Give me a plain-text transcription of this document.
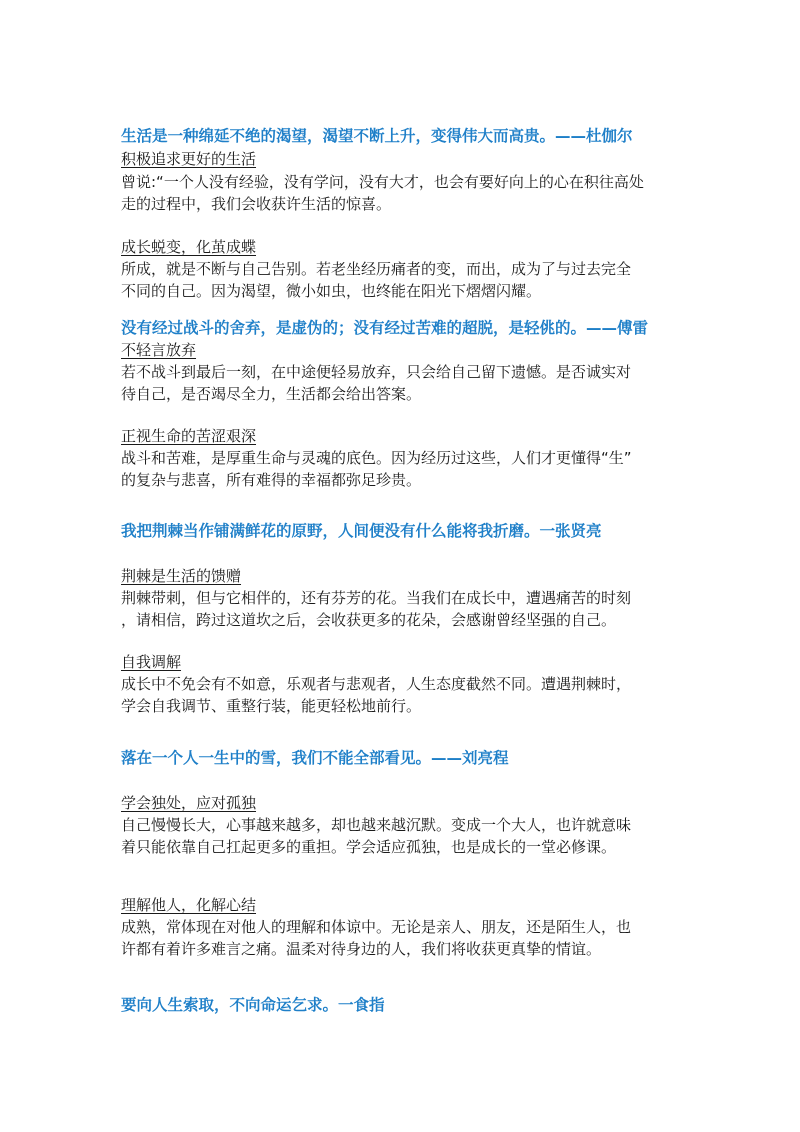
生活是一种绵延不绝的渴望，渴望不断上升，变得伟大而高贵。——杜伽尔
积极追求更好的生活
曾说:“一个人没有经验，没有学问，没有大才，也会有要好向上的心在积往高处
走的过程中，我们会收获许生活的惊喜。
成长蜕变，化茧成蝶
所成，就是不断与自己告别。若老坐经历痛者的变，而出，成为了与过去完全
不同的自己。因为渴望，微小如虫，也终能在阳光下熠熠闪耀。
没有经过战斗的舍弃，是虚伪的；没有经过苦难的超脱，是轻佻的。——傅雷
不轻言放弃
若不战斗到最后一刻，在中途便轻易放弃，只会给自己留下遗憾。是否诚实对
待自己，是否竭尽全力，生活都会给出答案。
正视生命的苦涩艰深
战斗和苦难，是厚重生命与灵魂的底色。因为经历过这些，人们才更懂得“生”
的复杂与悲喜，所有难得的幸福都弥足珍贵。
我把荆棘当作铺满鲜花的原野，人间便没有什么能将我折磨。一张贤亮
荆棘是生活的馈赠
荆棘带刺，但与它相伴的，还有芬芳的花。当我们在成长中，遭遇痛苦的时刻
，请相信，跨过这道坎之后，会收获更多的花朵，会感谢曾经坚强的自己。
自我调解
成长中不免会有不如意，乐观者与悲观者，人生态度截然不同。遭遇荆棘时，
学会自我调节、重整行装，能更轻松地前行。
落在一个人一生中的雪，我们不能全部看见。——刘亮程
学会独处，应对孤独
自己慢慢长大，心事越来越多，却也越来越沉默。变成一个大人，也许就意味
着只能依靠自己扛起更多的重担。学会适应孤独，也是成长的一堂必修课。
理解他人，化解心结
成熟，常体现在对他人的理解和体谅中。无论是亲人、朋友，还是陌生人，也
许都有着许多难言之痛。温柔对待身边的人，我们将收获更真挚的情谊。
要向人生索取，不向命运乞求。一食指
